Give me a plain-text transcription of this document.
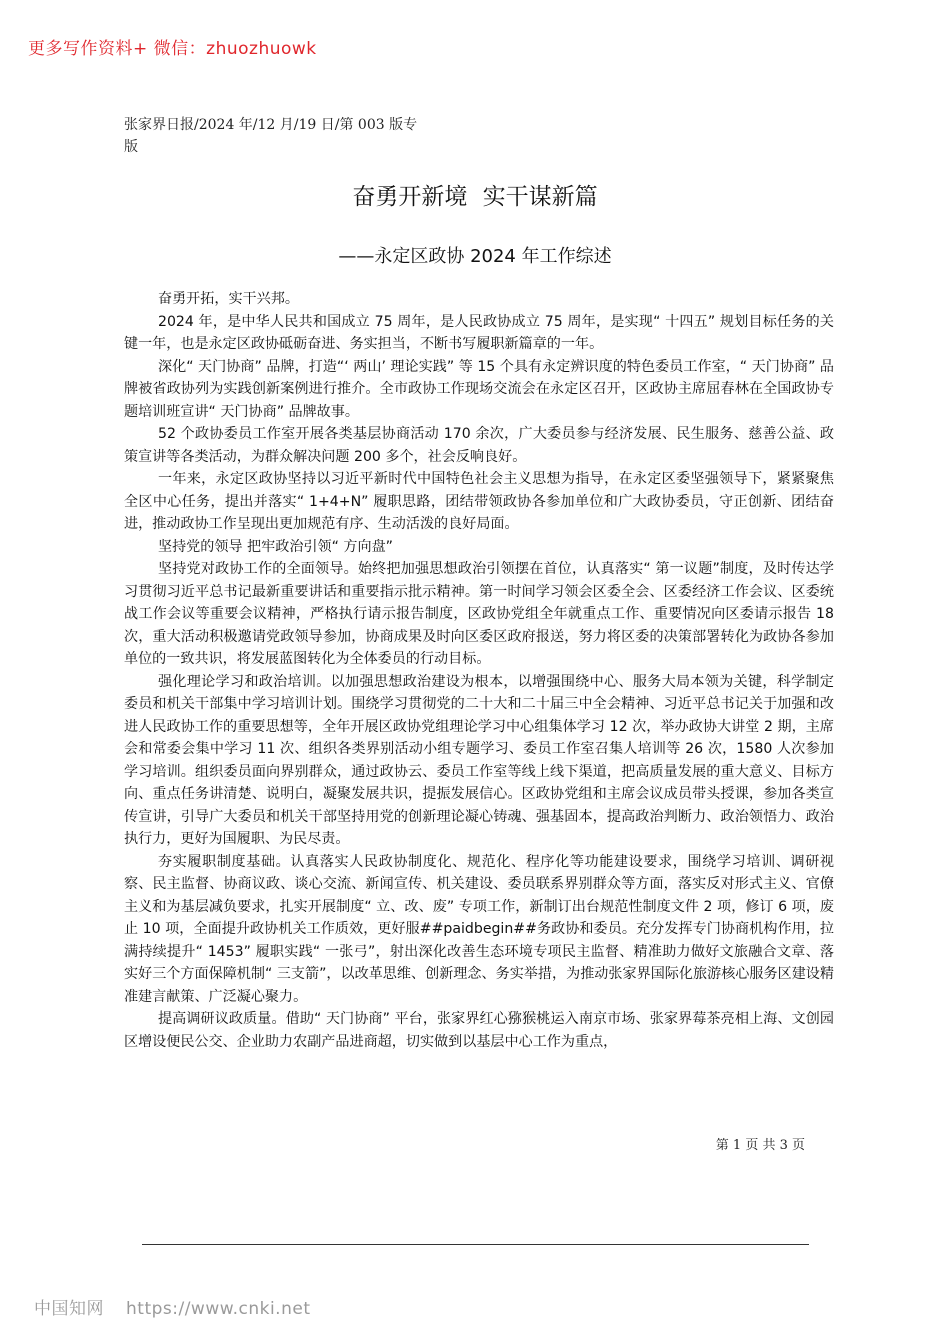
更多写作资料+ 微信：zhuozhuowk
张家界日报/2024 年/12 月/19 日/第 003 版专版
奋勇开新境 实干谋新篇
——永定区政协 2024 年工作综述

奋勇开拓，实干兴邦。

2024 年，是中华人民共和国成立 75 周年，是人民政协成立 75 周年，是实现“ 十四五” 规划目标任务的关键一年，也是永定区政协砥砺奋进、务实担当，不断书写履职新篇章的一年。

深化“ 天门协商” 品牌，打造“‘ 两山’ 理论实践” 等 15 个具有永定辨识度的特色委员工作室，“ 天门协商” 品牌被省政协列为实践创新案例进行推介。全市政协工作现场交流会在永定区召开，区政协主席屈春林在全国政协专题培训班宣讲“ 天门协商” 品牌故事。

52 个政协委员工作室开展各类基层协商活动 170 余次，广大委员参与经济发展、民生服务、慈善公益、政策宣讲等各类活动，为群众解决问题 200 多个，社会反响良好。

一年来，永定区政协坚持以习近平新时代中国特色社会主义思想为指导，在永定区委坚强领导下，紧紧聚焦全区中心任务，提出并落实“ 1+4+N” 履职思路，团结带领政协各参加单位和广大政协委员，守正创新、团结奋进，推动政协工作呈现出更加规范有序、生动活泼的良好局面。

坚持党的领导 把牢政治引领“ 方向盘”

坚持党对政协工作的全面领导。始终把加强思想政治引领摆在首位，认真落实“ 第一议题”制度，及时传达学习贯彻习近平总书记最新重要讲话和重要指示批示精神。第一时间学习领会区委全会、区委经济工作会议、区委统战工作会议等重要会议精神，严格执行请示报告制度，区政协党组全年就重点工作、重要情况向区委请示报告 18 次，重大活动积极邀请党政领导参加，协商成果及时向区委区政府报送，努力将区委的决策部署转化为政协各参加单位的一致共识，将发展蓝图转化为全体委员的行动目标。

强化理论学习和政治培训。以加强思想政治建设为根本，以增强围绕中心、服务大局本领为关键，科学制定委员和机关干部集中学习培训计划。围绕学习贯彻党的二十大和二十届三中全会精神、习近平总书记关于加强和改进人民政协工作的重要思想等，全年开展区政协党组理论学习中心组集体学习 12 次，举办政协大讲堂 2 期，主席会和常委会集中学习 11 次、组织各类界别活动小组专题学习、委员工作室召集人培训等 26 次，1580 人次参加学习培训。组织委员面向界别群众，通过政协云、委员工作室等线上线下渠道，把高质量发展的重大意义、目标方向、重点任务讲清楚、说明白，凝聚发展共识，提振发展信心。区政协党组和主席会议成员带头授课，参加各类宣传宣讲，引导广大委员和机关干部坚持用党的创新理论凝心铸魂、强基固本，提高政治判断力、政治领悟力、政治执行力，更好为国履职、为民尽责。

夯实履职制度基础。认真落实人民政协制度化、规范化、程序化等功能建设要求，围绕学习培训、调研视察、民主监督、协商议政、谈心交流、新闻宣传、机关建设、委员联系界别群众等方面，落实反对形式主义、官僚主义和为基层减负要求，扎实开展制度“ 立、改、废” 专项工作，新制订出台规范性制度文件 2 项，修订 6 项，废止 10 项，全面提升政协机关工作质效，更好服##paidbegin##务政协和委员。充分发挥专门协商机构作用，拉满持续提升“ 1453” 履职实践“ 一张弓”，射出深化改善生态环境专项民主监督、精准助力做好文旅融合文章、落实好三个方面保障机制“ 三支箭”，以改革思维、创新理念、务实举措，为推动张家界国际化旅游核心服务区建设精准建言献策、广泛凝心聚力。

提高调研议政质量。借助“ 天门协商” 平台，张家界红心猕猴桃运入南京市场、张家界莓茶亮相上海、文创园区增设便民公交、企业助力农副产品进商超，切实做到以基层中心工作为重点，

第 1 页 共 3 页
中国知网 https://www.cnki.net
